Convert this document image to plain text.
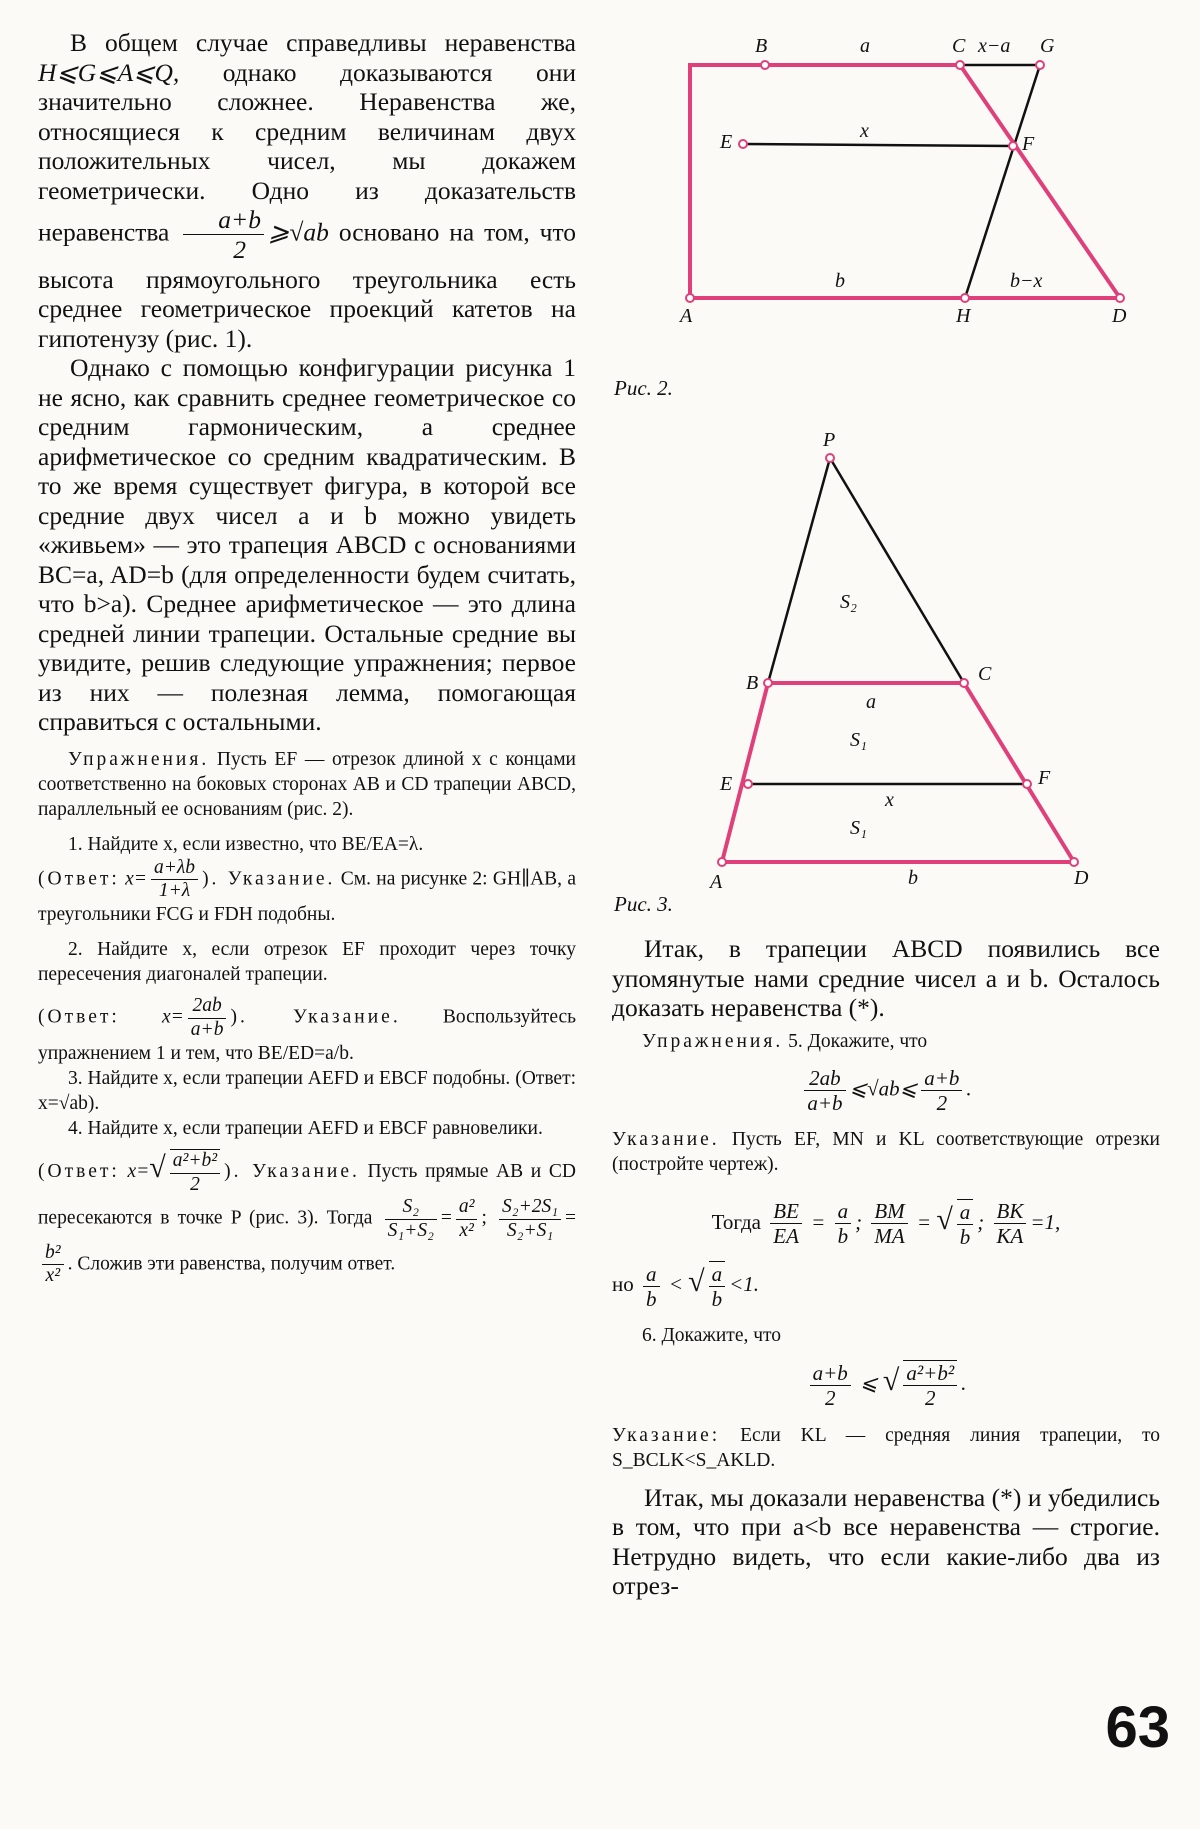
В общем случае справедливы неравенства H⩽G⩽A⩽Q, однако доказываются они значительно сложнее. Неравенства же, относящиеся к средним величинам двух положительных чисел, мы докажем геометрически. Одно из доказательств неравенства $\frac{a+b}{2}$ ⩾√ab основано на том, что высота прямоугольного треугольника есть среднее геометрическое проекций катетов на гипотенузу (рис. 1).

Однако с помощью конфигурации рисунка 1 не ясно, как сравнить среднее геометрическое со средним гармоническим, а среднее арифметическое со средним квадратическим. В то же время существует фигура, в которой все средние двух чисел a и b можно увидеть «живьем» — это трапеция ABCD с основаниями BC=a, AD=b (для определенности будем считать, что b>a). Среднее арифметическое — это длина средней линии трапеции. Остальные средние вы увидите, решив следующие упражнения; первое из них — полезная лемма, помогающая справиться с остальными.

Упражнения. Пусть EF — отрезок длиной x с концами соответственно на боковых сторонах AB и CD трапеции ABCD, параллельный ее основаниям (рис. 2).

1. Найдите x, если известно, что BE/EA=λ.

(Ответ: $x= \frac{a+\lambda b}{1+\lambda}$ ). Указание. См. на рисунке 2: GH∥AB, а треугольники FCG и FDH подобны.

2. Найдите x, если отрезок EF проходит через точку пересечения диагоналей трапеции.

(Ответ: $x= \frac{2ab}{a+b}$ ). Указание. Воспользуйтесь упражнением 1 и тем, что BE/ED=a/b.

3. Найдите x, если трапеции AEFD и EBCF подобны. (Ответ: x=√ab).

4. Найдите x, если трапеции AEFD и EBCF равновелики.

(Ответ: $x=√ \frac{\text{a²+b²}}{2}$ ). Указание. Пусть прямые AB и CD пересекаются в точке P (рис. 3). Тогда $\frac{\text{S₂}}{\text{S₁+S₂}} = \frac{\text{a²}}{\text{x²}}$ ; $\frac{\text{S₂+2S₁}}{\text{S₂+S₁}}$ =
$\frac{\text{b²}}{\text{x²}}$ . Сложив эти равенства, получим ответ.

B	a	C x−a G
E	x
F
b	b−x
A	H	D
Рис. 2.
P
S₂
B	C
a
S₁
E	F
x
S₁
A	b	D
Рис. 3.

Итак, в трапеции ABCD появились все упомянутые нами средние чисел a и b. Осталось доказать неравенства (*).

Упражнения. 5. Докажите, что

$\frac{2ab}{a+b}$ ⩽√ab⩽ $\frac{a+b}{2}$ .

Указание. Пусть EF, MN и KL соответствующие отрезки (постройте чертеж).

Тогда $\frac{BE}{EA} = \frac{a}{b}$ ; $\frac{BM}{MA}$ = √ $\frac{a}{b}$ ; $\frac{BK}{KA} =1$,
но $\frac{a}{b}$ < √ $\frac{a}{b} <1$.

6. Докажите, что

$\frac{a+b}{2}$ ⩽ √ $\frac{\text{a²+b²}}{2}$ .

Указание: Если KL — средняя линия трапеции, то S_BCLK<S_AKLD.

Итак, мы доказали неравенства (*) и убедились в том, что при a<b все неравенства — строгие. Нетрудно видеть, что если какие-либо два из отрез-

63
